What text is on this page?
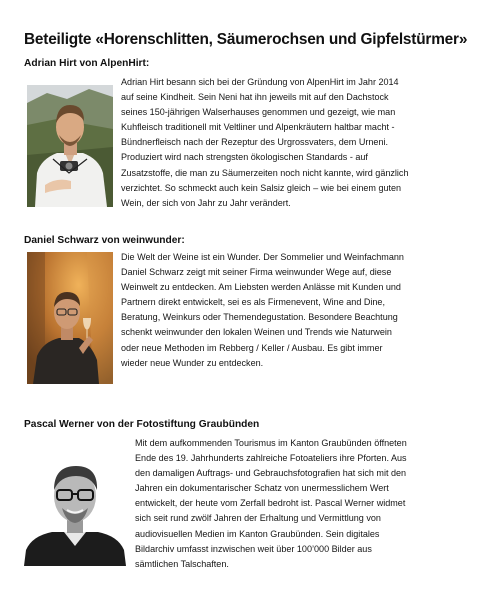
Beteiligte «Horenschlitten, Säumerochsen und Gipfelstürmer»
Adrian Hirt von AlpenHirt:
Adrian Hirt besann sich bei der Gründung von AlpenHirt im Jahr 2014
auf seine Kindheit. Sein Neni hat ihn jeweils mit auf den Dachstock
seines 150-jährigen Walserhauses genommen und gezeigt, wie man
Kuhfleisch traditionell mit Veltliner und Alpenkräutern haltbar macht -
Bündnerfleisch nach der Rezeptur des Urgrossvaters, dem Urneni.
Produziert wird nach strengsten ökologischen Standards - auf
Zusatzstoffe, die man zu Säumerzeiten noch nicht kannte, wird gänzlich
verzichtet. So schmeckt auch kein Salsiz gleich – wie bei einem guten
Wein, der sich von Jahr zu Jahr verändert.
Daniel Schwarz von weinwunder:
Die Welt der Weine ist ein Wunder. Der Sommelier und Weinfachmann
Daniel Schwarz zeigt mit seiner Firma weinwunder Wege auf, diese
Weinwelt zu entdecken. Am Liebsten werden Anlässe mit Kunden und
Partnern direkt entwickelt, sei es als Firmenevent, Wine and Dine,
Beratung, Weinkurs oder Themendegustation. Besondere Beachtung
schenkt weinwunder den lokalen Weinen und Trends wie Naturwein
oder neue Methoden im Rebberg / Keller / Ausbau. Es gibt immer
wieder neue Wunder zu entdecken.
Pascal Werner von der Fotostiftung Graubünden
Mit dem aufkommenden Tourismus im Kanton Graubünden öffneten
Ende des 19. Jahrhunderts zahlreiche Fotoateliers ihre Pforten. Aus
den damaligen Auftrags- und Gebrauchsfotografien hat sich mit den
Jahren ein dokumentarischer Schatz von unermesslichem Wert
entwickelt, der heute vom Zerfall bedroht ist. Pascal Werner widmet
sich seit rund zwölf Jahren der Erhaltung und Vermittlung von
audiovisuellen Medien im Kanton Graubünden. Sein digitales
Bildarchiv umfasst inzwischen weit über 100’000 Bilder aus
sämtlichen Talschaften.
